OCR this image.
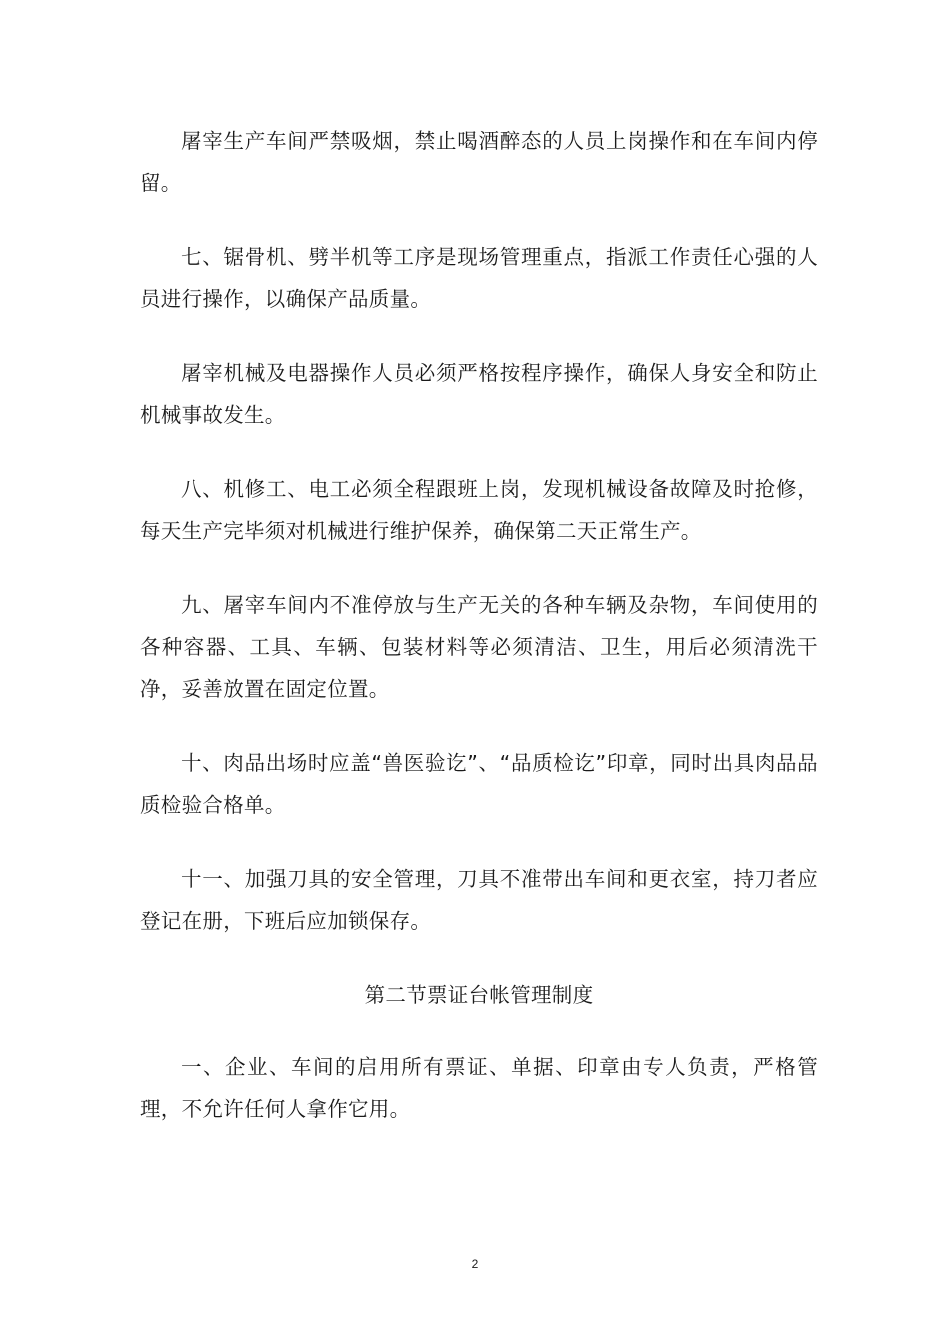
屠宰生产车间严禁吸烟，禁止喝酒醉态的人员上岗操作和在车间内停留。

七、锯骨机、劈半机等工序是现场管理重点，指派工作责任心强的人员进行操作，以确保产品质量。

屠宰机械及电器操作人员必须严格按程序操作，确保人身安全和防止机械事故发生。

八、机修工、电工必须全程跟班上岗，发现机械设备故障及时抢修，每天生产完毕须对机械进行维护保养，确保第二天正常生产。

九、屠宰车间内不准停放与生产无关的各种车辆及杂物，车间使用的各种容器、工具、车辆、包装材料等必须清洁、卫生，用后必须清洗干净，妥善放置在固定位置。

十、肉品出场时应盖“兽医验讫”、“品质检讫”印章，同时出具肉品品质检验合格单。

十一、加强刀具的安全管理，刀具不准带出车间和更衣室，持刀者应登记在册，下班后应加锁保存。

第二节票证台帐管理制度

一、企业、车间的启用所有票证、单据、印章由专人负责，严格管理，不允许任何人拿作它用。

2
